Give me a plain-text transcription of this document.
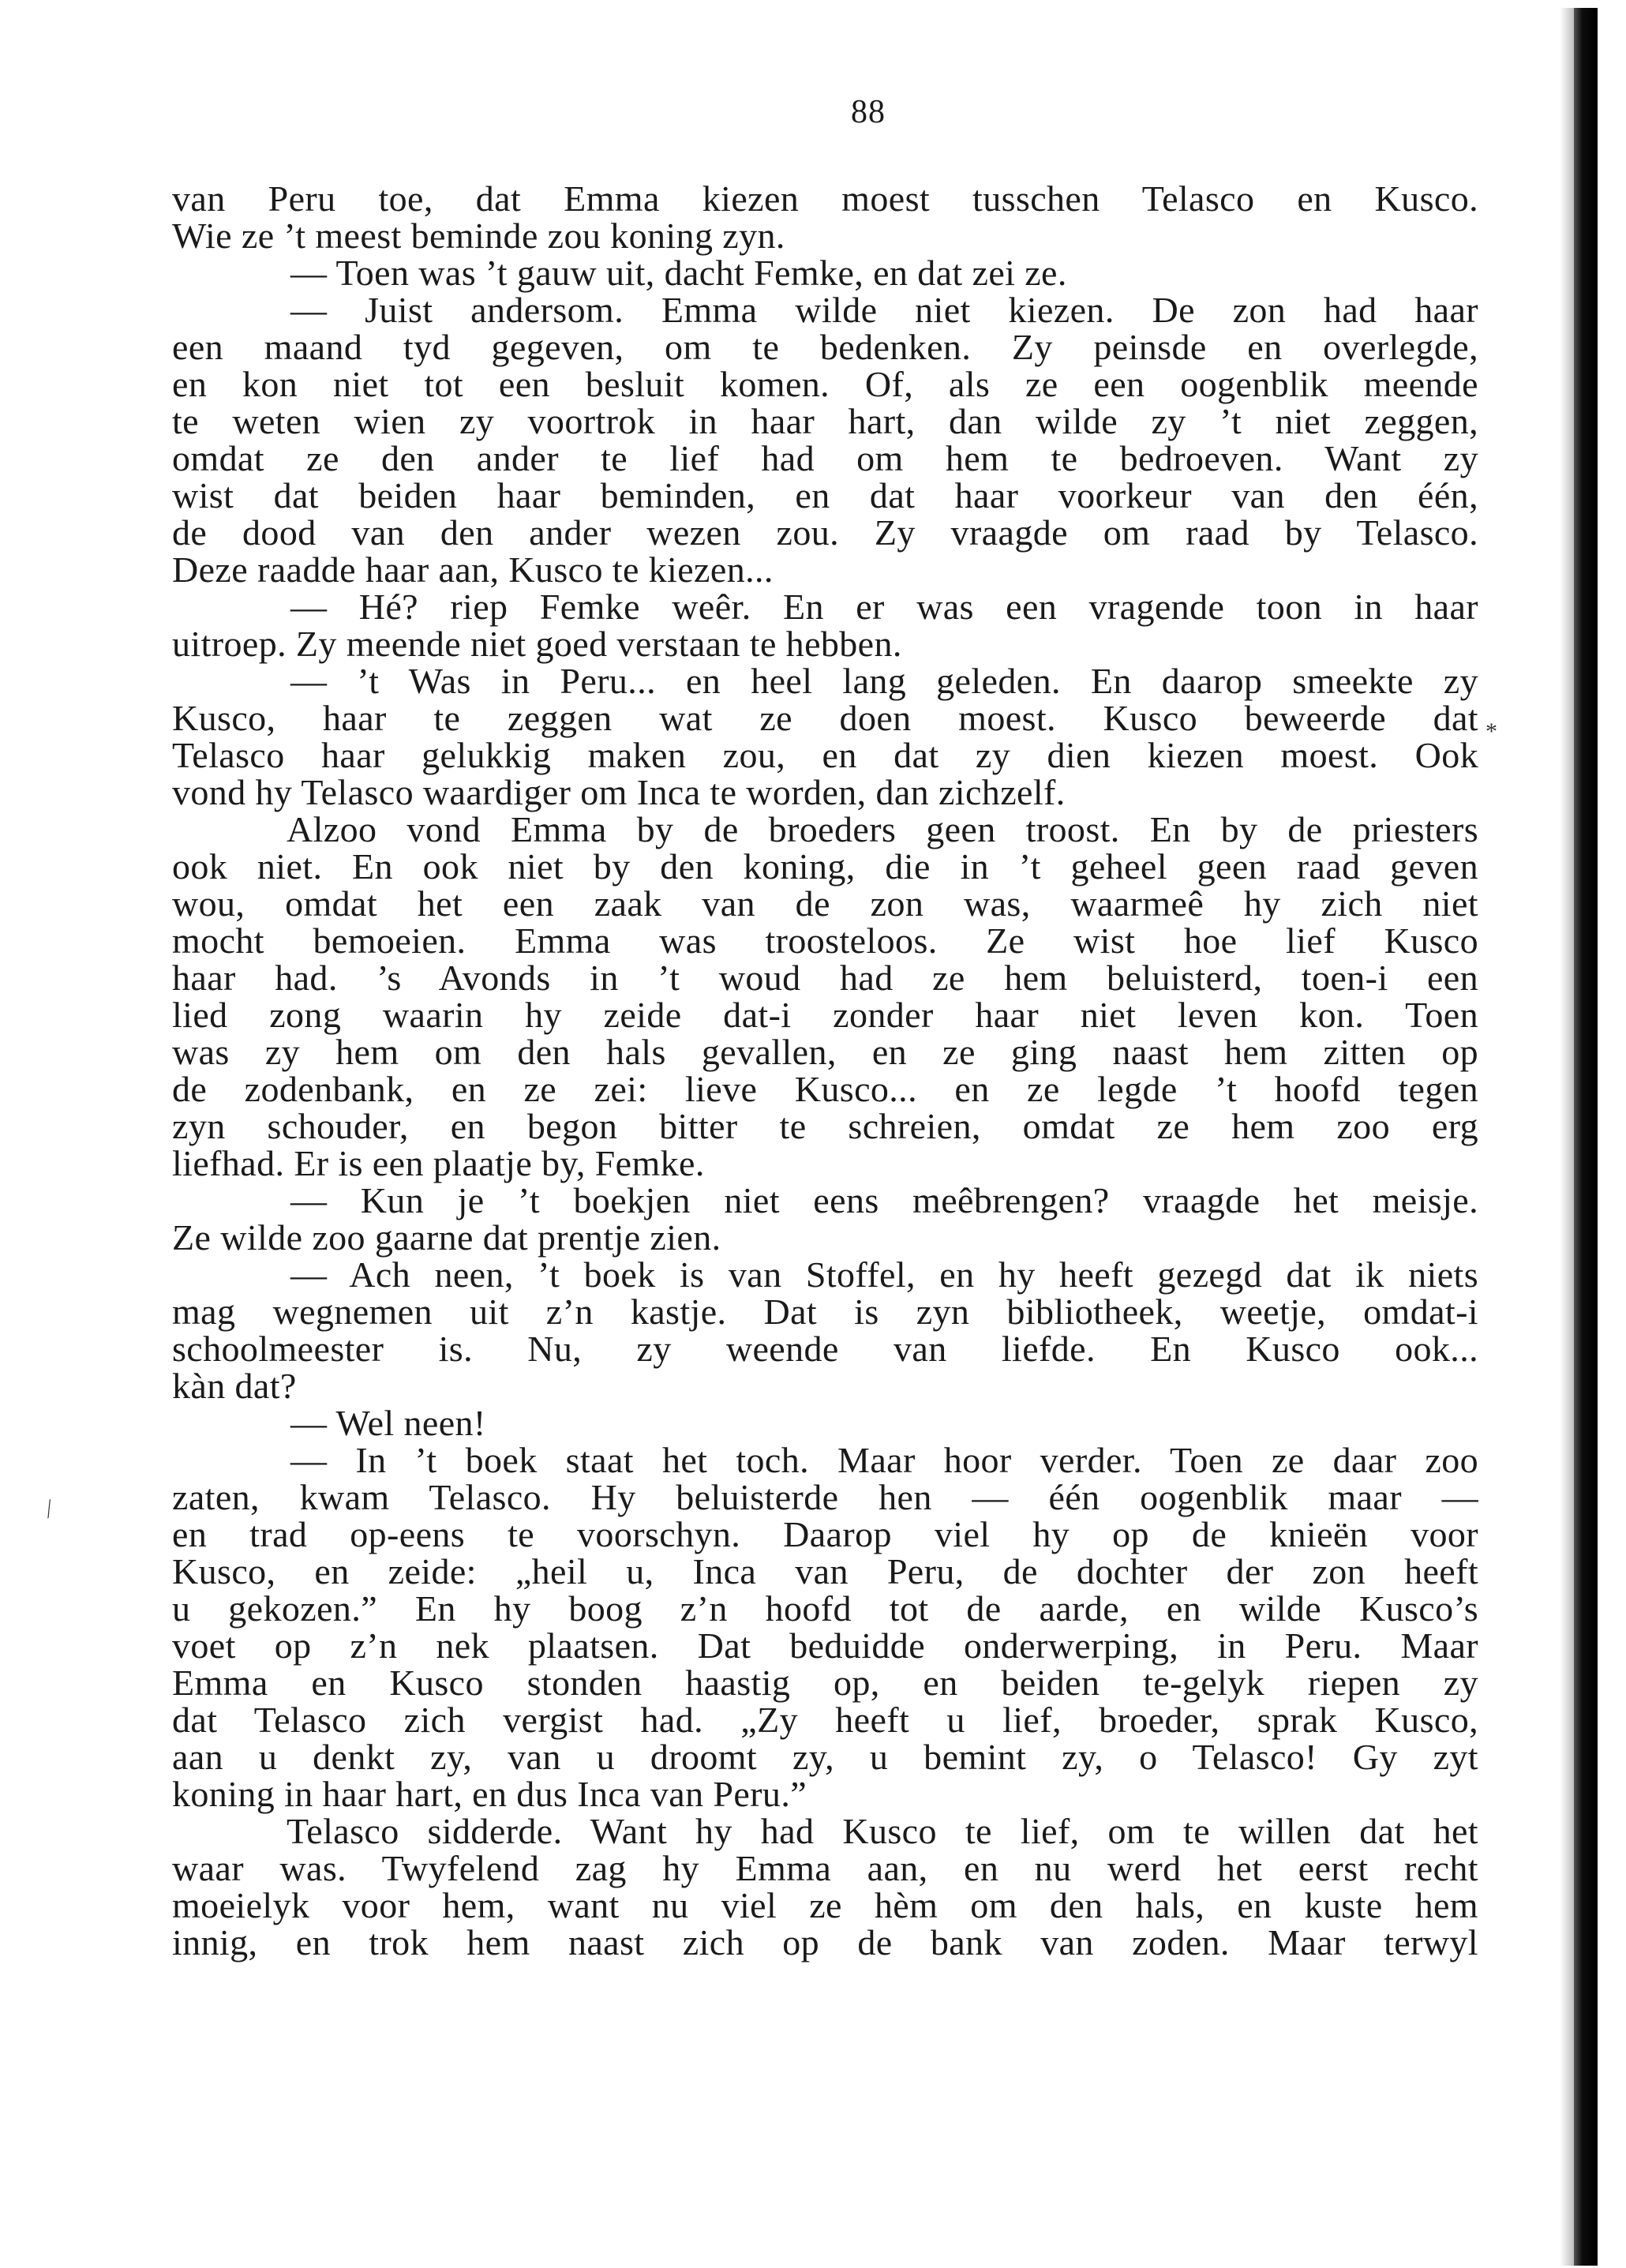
88
van Peru toe, dat Emma kiezen moest tusschen Telasco en Kusco.
Wie ze ’t meest beminde zou koning zyn.
— Toen was ’t gauw uit, dacht Femke, en dat zei ze.
— Juist andersom. Emma wilde niet kiezen. De zon had haar
een maand tyd gegeven, om te bedenken. Zy peinsde en overlegde,
en kon niet tot een besluit komen. Of, als ze een oogenblik meende
te weten wien zy voortrok in haar hart, dan wilde zy ’t niet zeggen,
omdat ze den ander te lief had om hem te bedroeven. Want zy
wist dat beiden haar beminden, en dat haar voorkeur van den één,
de dood van den ander wezen zou. Zy vraagde om raad by Telasco.
Deze raadde haar aan, Kusco te kiezen...
— Hé? riep Femke weêr. En er was een vragende toon in haar
uitroep. Zy meende niet goed verstaan te hebben.
— ’t Was in Peru... en heel lang geleden. En daarop smeekte zy
Kusco, haar te zeggen wat ze doen moest. Kusco beweerde dat
Telasco haar gelukkig maken zou, en dat zy dien kiezen moest. Ook
vond hy Telasco waardiger om Inca te worden, dan zichzelf.
Alzoo vond Emma by de broeders geen troost. En by de priesters
ook niet. En ook niet by den koning, die in ’t geheel geen raad geven
wou, omdat het een zaak van de zon was, waarmeê hy zich niet
mocht bemoeien. Emma was troosteloos. Ze wist hoe lief Kusco
haar had. ’s Avonds in ’t woud had ze hem beluisterd, toen-i een
lied zong waarin hy zeide dat-i zonder haar niet leven kon. Toen
was zy hem om den hals gevallen, en ze ging naast hem zitten op
de zodenbank, en ze zei: lieve Kusco... en ze legde ’t hoofd tegen
zyn schouder, en begon bitter te schreien, omdat ze hem zoo erg
liefhad. Er is een plaatje by, Femke.
— Kun je ’t boekjen niet eens meêbrengen? vraagde het meisje.
Ze wilde zoo gaarne dat prentje zien.
— Ach neen, ’t boek is van Stoffel, en hy heeft gezegd dat ik niets
mag wegnemen uit z’n kastje. Dat is zyn bibliotheek, weetje, omdat-i
schoolmeester is. Nu, zy weende van liefde. En Kusco ook...
kàn dat?
— Wel neen!
— In ’t boek staat het toch. Maar hoor verder. Toen ze daar zoo
zaten, kwam Telasco. Hy beluisterde hen — één oogenblik maar —
en trad op-eens te voorschyn. Daarop viel hy op de knieën voor
Kusco, en zeide: „heil u, Inca van Peru, de dochter der zon heeft
u gekozen.” En hy boog z’n hoofd tot de aarde, en wilde Kusco’s
voet op z’n nek plaatsen. Dat beduidde onderwerping, in Peru. Maar
Emma en Kusco stonden haastig op, en beiden te-gelyk riepen zy
dat Telasco zich vergist had. „Zy heeft u lief, broeder, sprak Kusco,
aan u denkt zy, van u droomt zy, u bemint zy, o Telasco! Gy zyt
koning in haar hart, en dus Inca van Peru.”
Telasco sidderde. Want hy had Kusco te lief, om te willen dat het
waar was. Twyfelend zag hy Emma aan, en nu werd het eerst recht
moeielyk voor hem, want nu viel ze hèm om den hals, en kuste hem
innig, en trok hem naast zich op de bank van zoden. Maar terwyl
*
⁄
